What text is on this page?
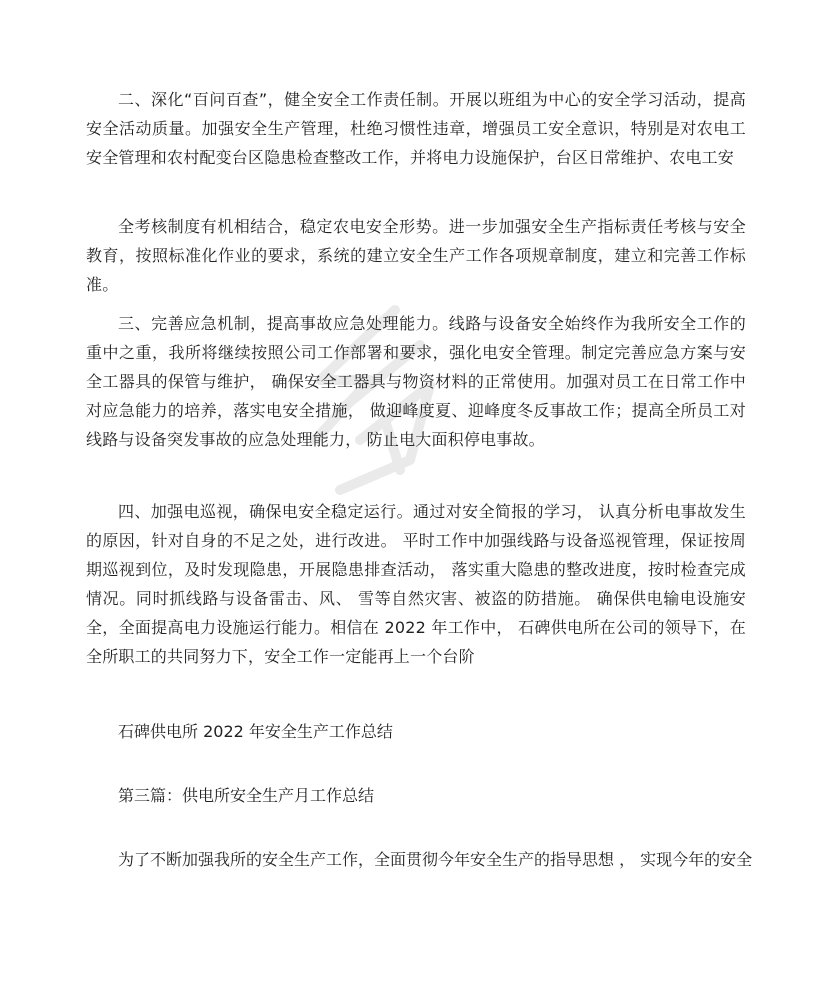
二、深化“百问百查”，健全安全工作责任制。开展以班组为中心的安全学习活动，提高安全活动质量。加强安全生产管理，杜绝习惯性违章，增强员工安全意识，特别是对农电工安全管理和农村配变台区隐患检查整改工作，并将电力设施保护，台区日常维护、农电工安

全考核制度有机相结合，稳定农电安全形势。进一步加强安全生产指标责任考核与安全教育，按照标准化作业的要求，系统的建立安全生产工作各项规章制度，建立和完善工作标准。

三、完善应急机制，提高事故应急处理能力。线路与设备安全始终作为我所安全工作的重中之重，我所将继续按照公司工作部署和要求，强化电安全管理。制定完善应急方案与安全工器具的保管与维护， 确保安全工器具与物资材料的正常使用。加强对员工在日常工作中对应急能力的培养，落实电安全措施， 做迎峰度夏、迎峰度冬反事故工作；提高全所员工对线路与设备突发事故的应急处理能力， 防止电大面积停电事故。

四、加强电巡视，确保电安全稳定运行。通过对安全简报的学习， 认真分析电事故发生的原因，针对自身的不足之处，进行改进。 平时工作中加强线路与设备巡视管理，保证按周期巡视到位，及时发现隐患，开展隐患排查活动， 落实重大隐患的整改进度，按时检查完成情况。同时抓线路与设备雷击、风、 雪等自然灾害、被盗的防措施。 确保供电输电设施安全，全面提高电力设施运行能力。相信在 2022 年工作中， 石碑供电所在公司的领导下，在全所职工的共同努力下，安全工作一定能再上一个台阶

石碑供电所 2022 年安全生产工作总结

第三篇：供电所安全生产月工作总结

为了不断加强我所的安全生产工作，全面贯彻今年安全生产的指导思想 ， 实现今年的安全
